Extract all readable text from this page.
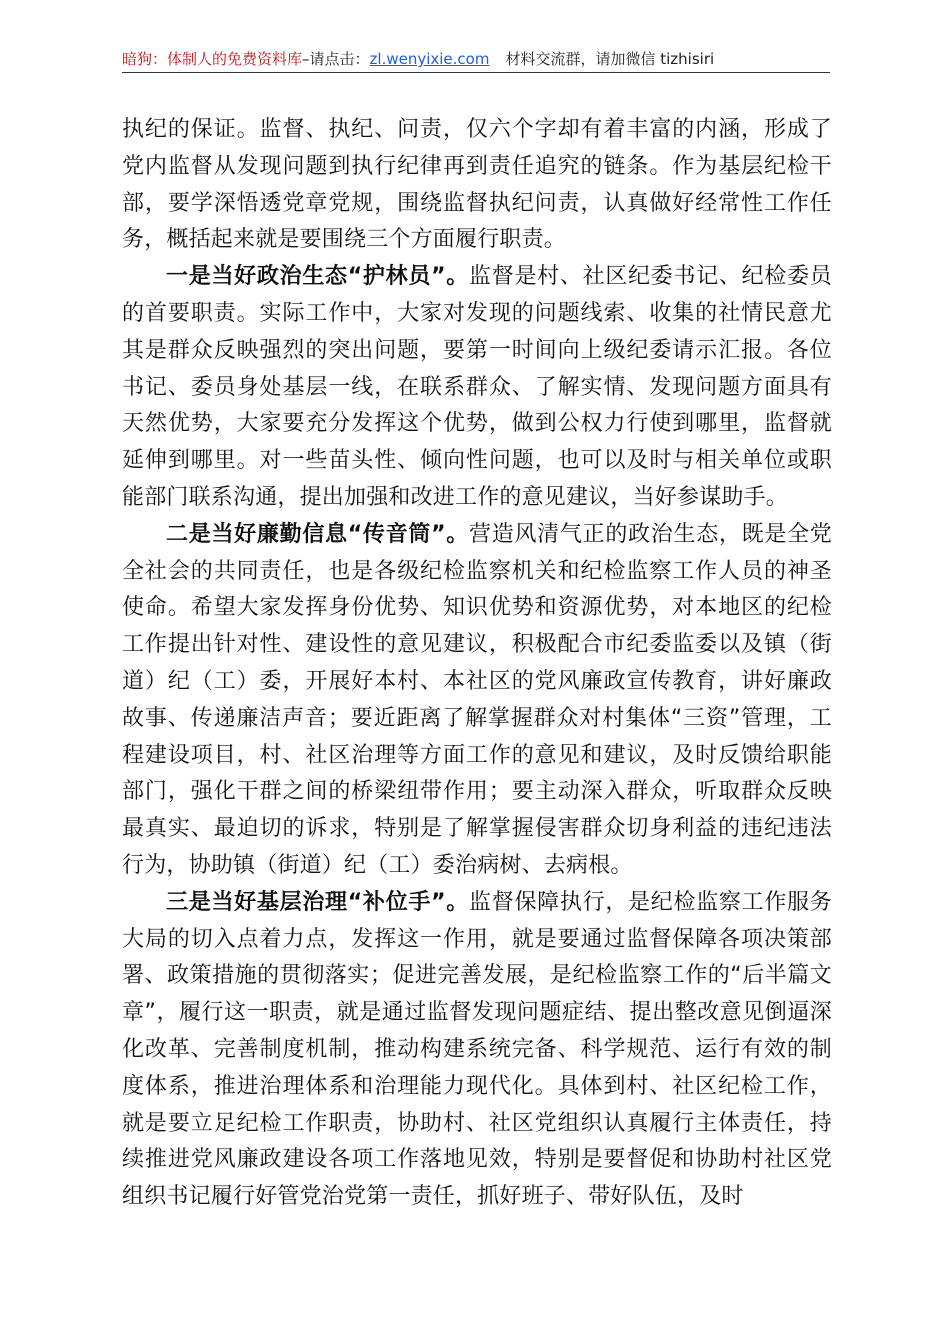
暗狗：体制人的免费资料库–请点击：zl.wenyixie.com 材料交流群，请加微信 tizhisiri

执纪的保证。监督、执纪、问责，仅六个字却有着丰富的内涵，形成了党内监督从发现问题到执行纪律再到责任追究的链条。作为基层纪检干部，要学深悟透党章党规，围绕监督执纪问责，认真做好经常性工作任务，概括起来就是要围绕三个方面履行职责。

一是当好政治生态“护林员”。监督是村、社区纪委书记、纪检委员的首要职责。实际工作中，大家对发现的问题线索、收集的社情民意尤其是群众反映强烈的突出问题，要第一时间向上级纪委请示汇报。各位书记、委员身处基层一线，在联系群众、了解实情、发现问题方面具有天然优势，大家要充分发挥这个优势，做到公权力行使到哪里，监督就延伸到哪里。对一些苗头性、倾向性问题，也可以及时与相关单位或职能部门联系沟通，提出加强和改进工作的意见建议，当好参谋助手。

二是当好廉勤信息“传音筒”。营造风清气正的政治生态，既是全党全社会的共同责任，也是各级纪检监察机关和纪检监察工作人员的神圣使命。希望大家发挥身份优势、知识优势和资源优势，对本地区的纪检工作提出针对性、建设性的意见建议，积极配合市纪委监委以及镇（街道）纪（工）委，开展好本村、本社区的党风廉政宣传教育，讲好廉政故事、传递廉洁声音；要近距离了解掌握群众对村集体“三资”管理，工程建设项目，村、社区治理等方面工作的意见和建议，及时反馈给职能部门，强化干群之间的桥梁纽带作用；要主动深入群众，听取群众反映最真实、最迫切的诉求，特别是了解掌握侵害群众切身利益的违纪违法行为，协助镇（街道）纪（工）委治病树、去病根。

三是当好基层治理“补位手”。监督保障执行，是纪检监察工作服务大局的切入点着力点，发挥这一作用，就是要通过监督保障各项决策部署、政策措施的贯彻落实；促进完善发展，是纪检监察工作的“后半篇文章”，履行这一职责，就是通过监督发现问题症结、提出整改意见倒逼深化改革、完善制度机制，推动构建系统完备、科学规范、运行有效的制度体系，推进治理体系和治理能力现代化。具体到村、社区纪检工作，就是要立足纪检工作职责，协助村、社区党组织认真履行主体责任，持续推进党风廉政建设各项工作落地见效，特别是要督促和协助村社区党组织书记履行好管党治党第一责任，抓好班子、带好队伍，及时
